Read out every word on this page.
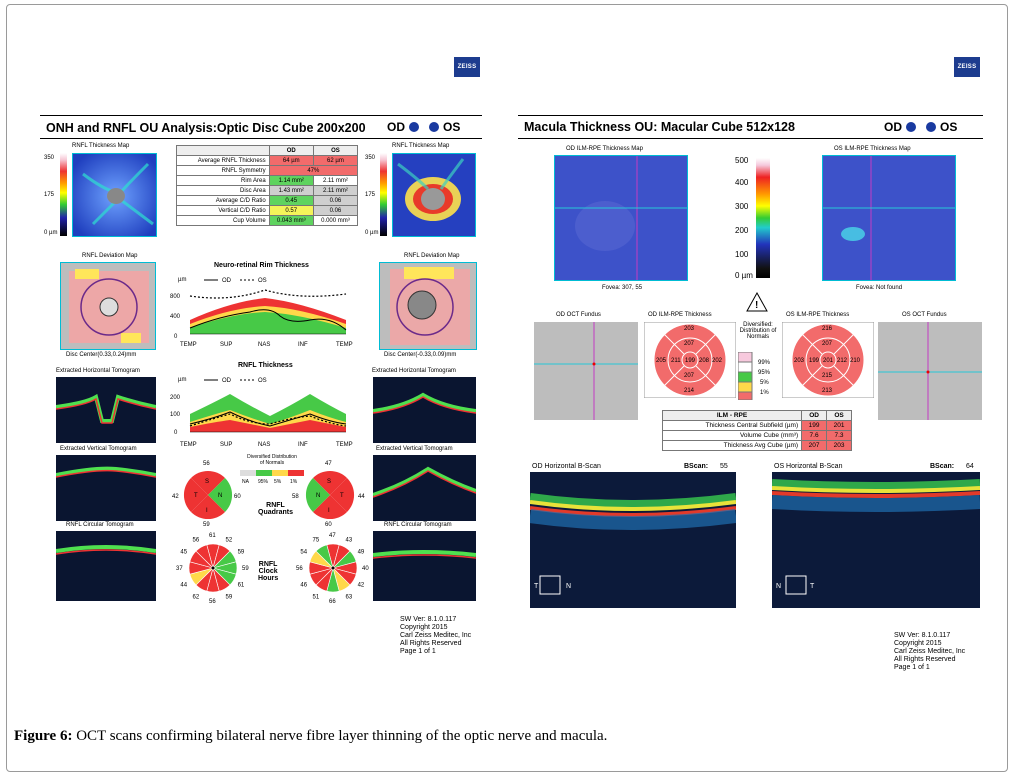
ZEISS
ONH and RNFL OU Analysis:Optic Disc Cube 200x200 OD	OS
RNFL Thickness Map
350
175
0 µm
RNFL Thickness Map
350
175
0 µm
	OD	OS
Average RNFL Thickness	64 µm	62 µm
RNFL Symmetry	47%	
Rim Area	1.14 mm²	2.11 mm²
Disc Area	1.43 mm²	2.11 mm²
Average C/D Ratio	0.45	0.06
Vertical C/D Ratio	0.57	0.06
Cup Volume	0.043 mm³	0.000 mm³
RNFL Deviation Map
Disc Center(0.33,0.24)mm
RNFL Deviation Map
Disc Center(-0.33,0.09)mm
Neuro-retinal Rim Thickness
µm	OD	OS
800
400
0
TEMP	SUP	NAS	INF	TEMP
RNFL Thickness
µm	OD	OS
200
100
0
TEMP	SUP	NAS	INF	TEMP
Extracted Horizontal Tomogram	Extracted Horizontal Tomogram
Extracted Vertical Tomogram	Extracted Vertical Tomogram
RNFL Circular Tomogram	RNFL Circular Tomogram
Diversified Distribution of Normals
NA 95% 5% 1%
56
42	60
59
S
T	N
I
RNFL
Quadrants
47
58	44
60
S
N	T
I
61
52
59
59
61
59
56
62
44
37
45
56
RNFL
Clock
Hours
47
43
49
40
42
63
66
51
46
56
54
75
SW Ver: 8.1.0.117
Copyright 2015
Carl Zeiss Meditec, Inc
All Rights Reserved
Page 1 of 1
ZEISS
Macula Thickness OU: Macular Cube 512x128	OD	OS
OD ILM-RPE Thickness Map
Fovea: 307, 55
500
400
300
200
100
0 µm
!
OS ILM-RPE Thickness Map
Fovea: Not found
OD OCT Fundus	OS OCT Fundus
OD ILM-RPE Thickness
203
207
205 211 199 208 202
207
214
Diversified: Distribution of Normals
99%
95%
5%
1%
OS ILM-RPE Thickness
216
207
203 199 201 212 210
215
213
ILM - RPE	OD	OS
Thickness Central Subfield (µm)	199	201
Volume Cube (mm³)	7.6	7.3
Thickness Avg Cube (µm)	207	203
OD Horizontal B-Scan	BScan: 55
T	N
OS Horizontal B-Scan	BScan: 64
N	T
SW Ver: 8.1.0.117
Copyright 2015
Carl Zeiss Meditec, Inc
All Rights Reserved
Page 1 of 1
Figure 6: OCT scans confirming bilateral nerve fibre layer thinning of the optic nerve and macula.
